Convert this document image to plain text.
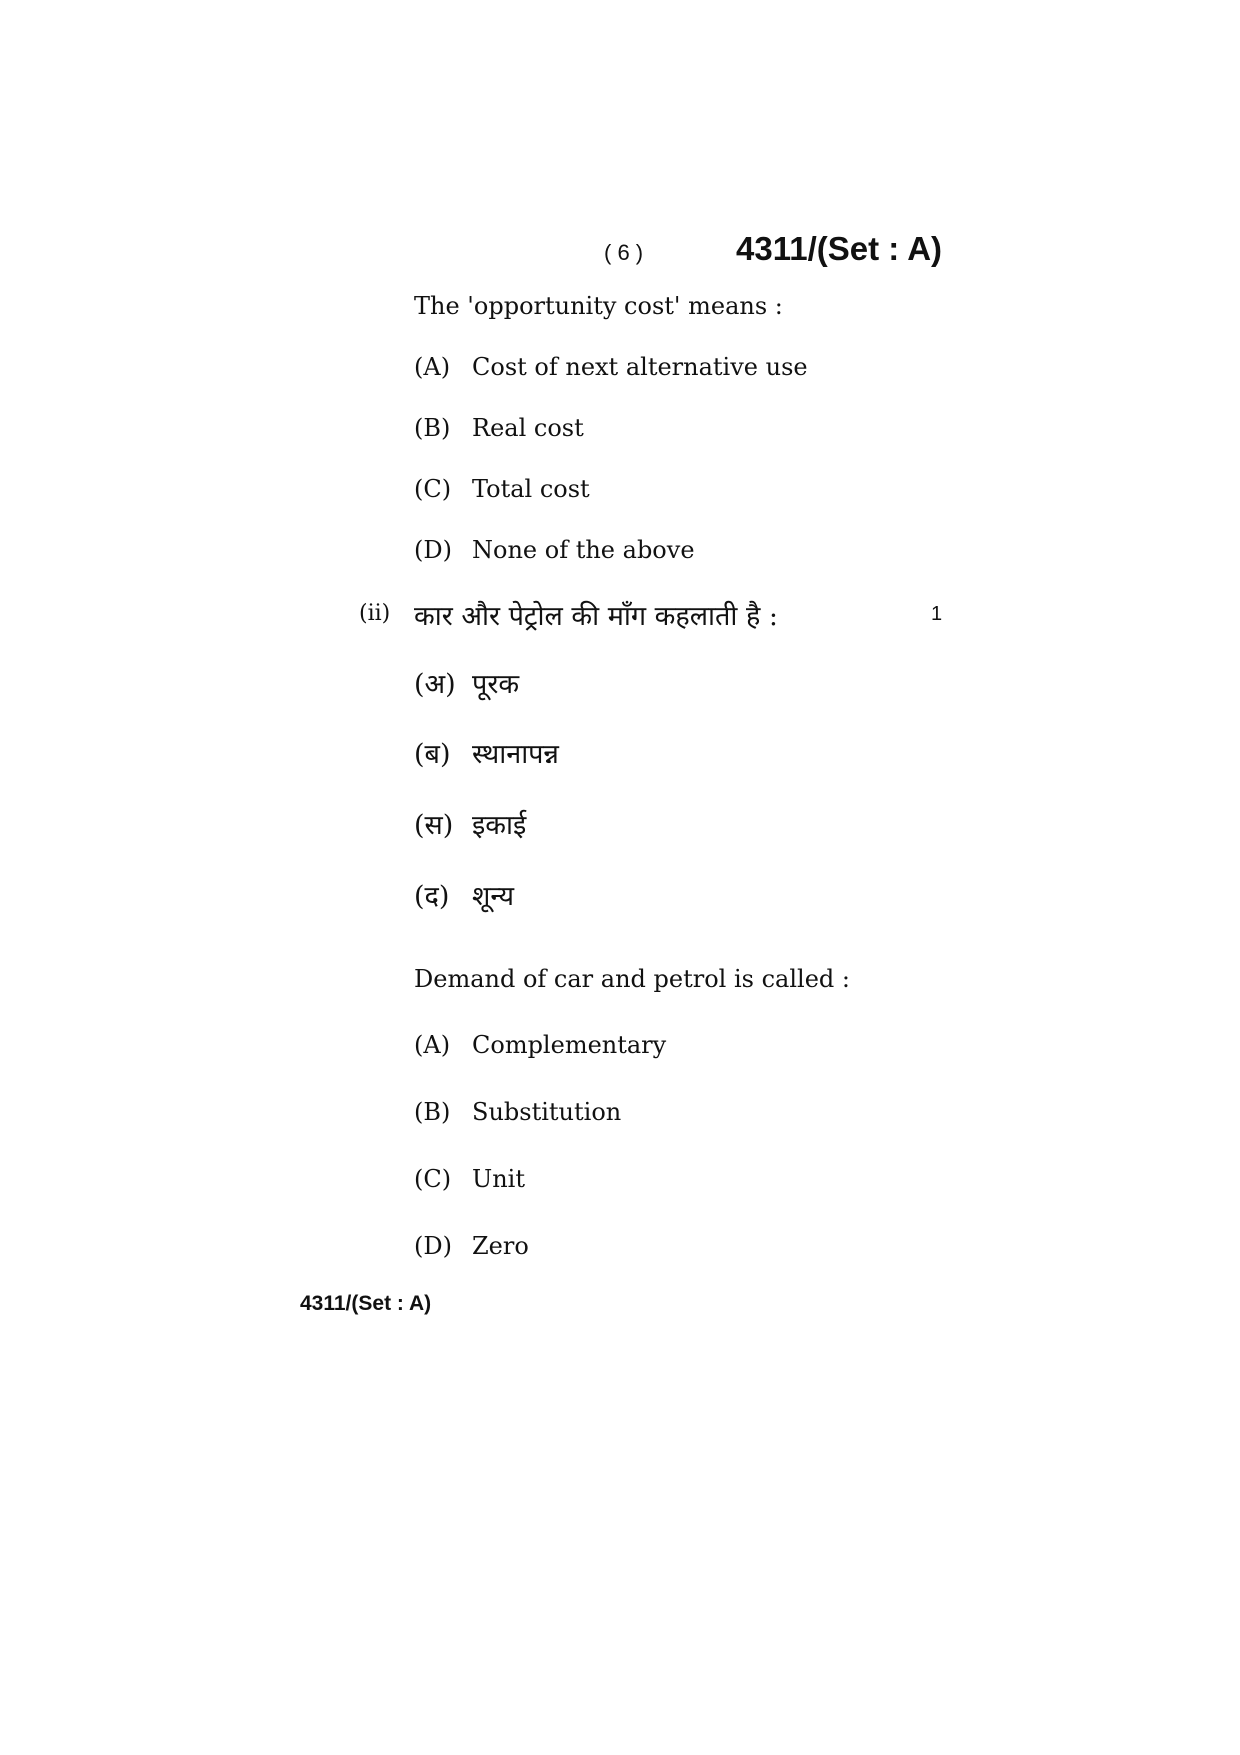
( 6 )	4311/(Set : A)
The 'opportunity cost' means :
(A) Cost of next alternative use
(B) Real cost
(C) Total cost
(D) None of the above
(ii) कार और पेट्रोल की माँग कहलाती है :	1
(अ) पूरक
(ब) स्थानापन्न
(स) इकाई
(द) शून्य
Demand of car and petrol is called :
(A) Complementary
(B) Substitution
(C) Unit
(D) Zero
4311/(Set : A)
